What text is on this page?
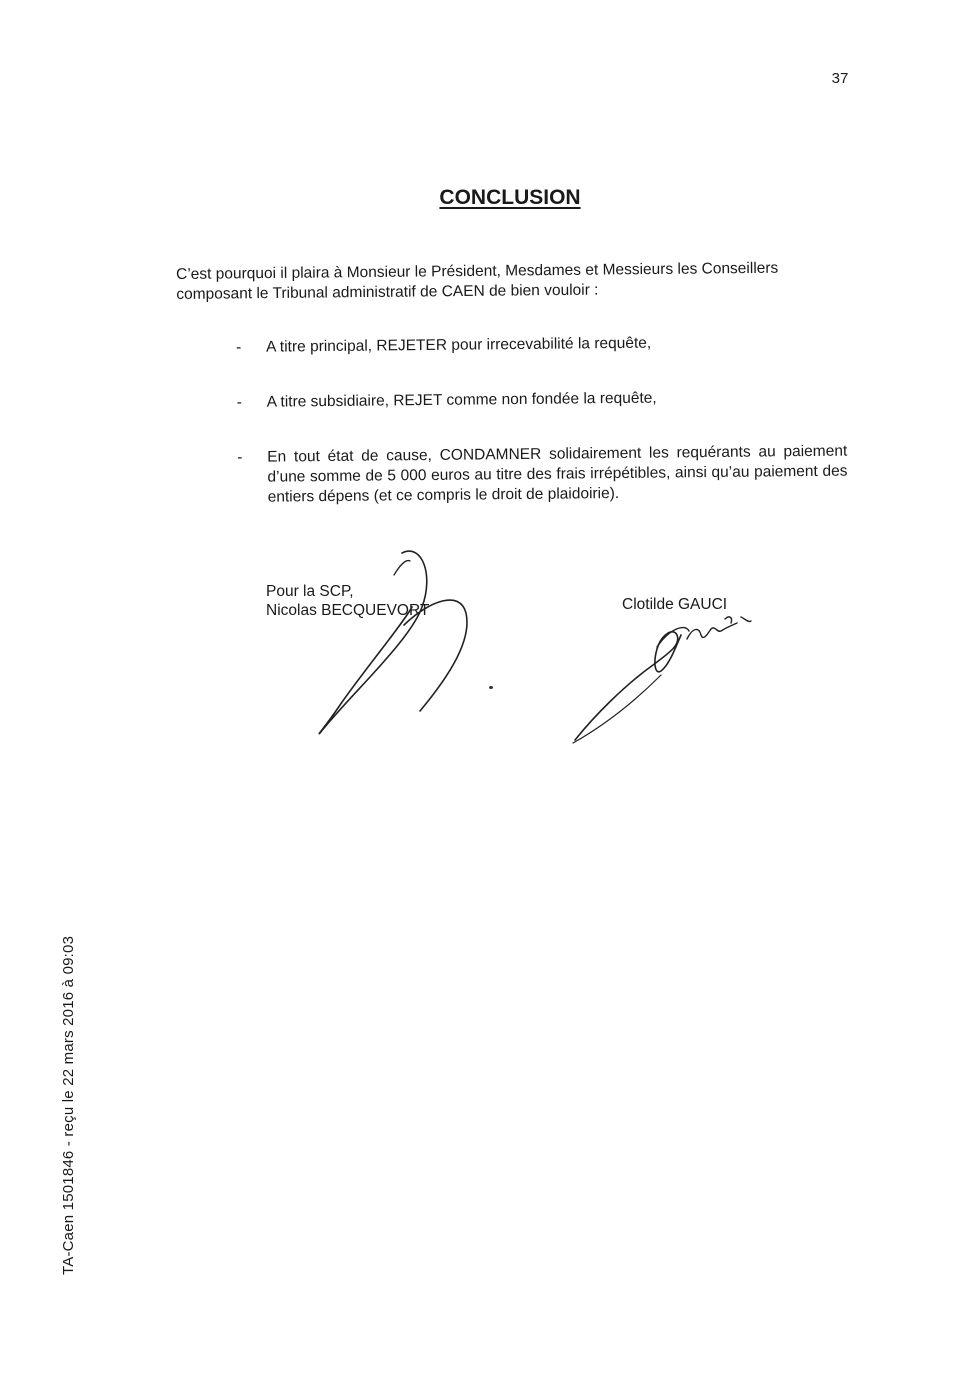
37
CONCLUSION
C’est pourquoi il plaira à Monsieur le Président, Mesdames et Messieurs les Conseillers
composant le Tribunal administratif de CAEN de bien vouloir :
- A titre principal, REJETER pour irrecevabilité la requête,
- A titre subsidiaire, REJET comme non fondée la requête,
- En tout état de cause, CONDAMNER solidairement les requérants au paiement d’une somme de 5 000 euros au titre des frais irrépétibles, ainsi qu’au paiement des entiers dépens (et ce compris le droit de plaidoirie).
Pour la SCP,
Nicolas BECQUEVORT	Clotilde GAUCI
TA-Caen 1501846 - reçu le 22 mars 2016 à 09:03
